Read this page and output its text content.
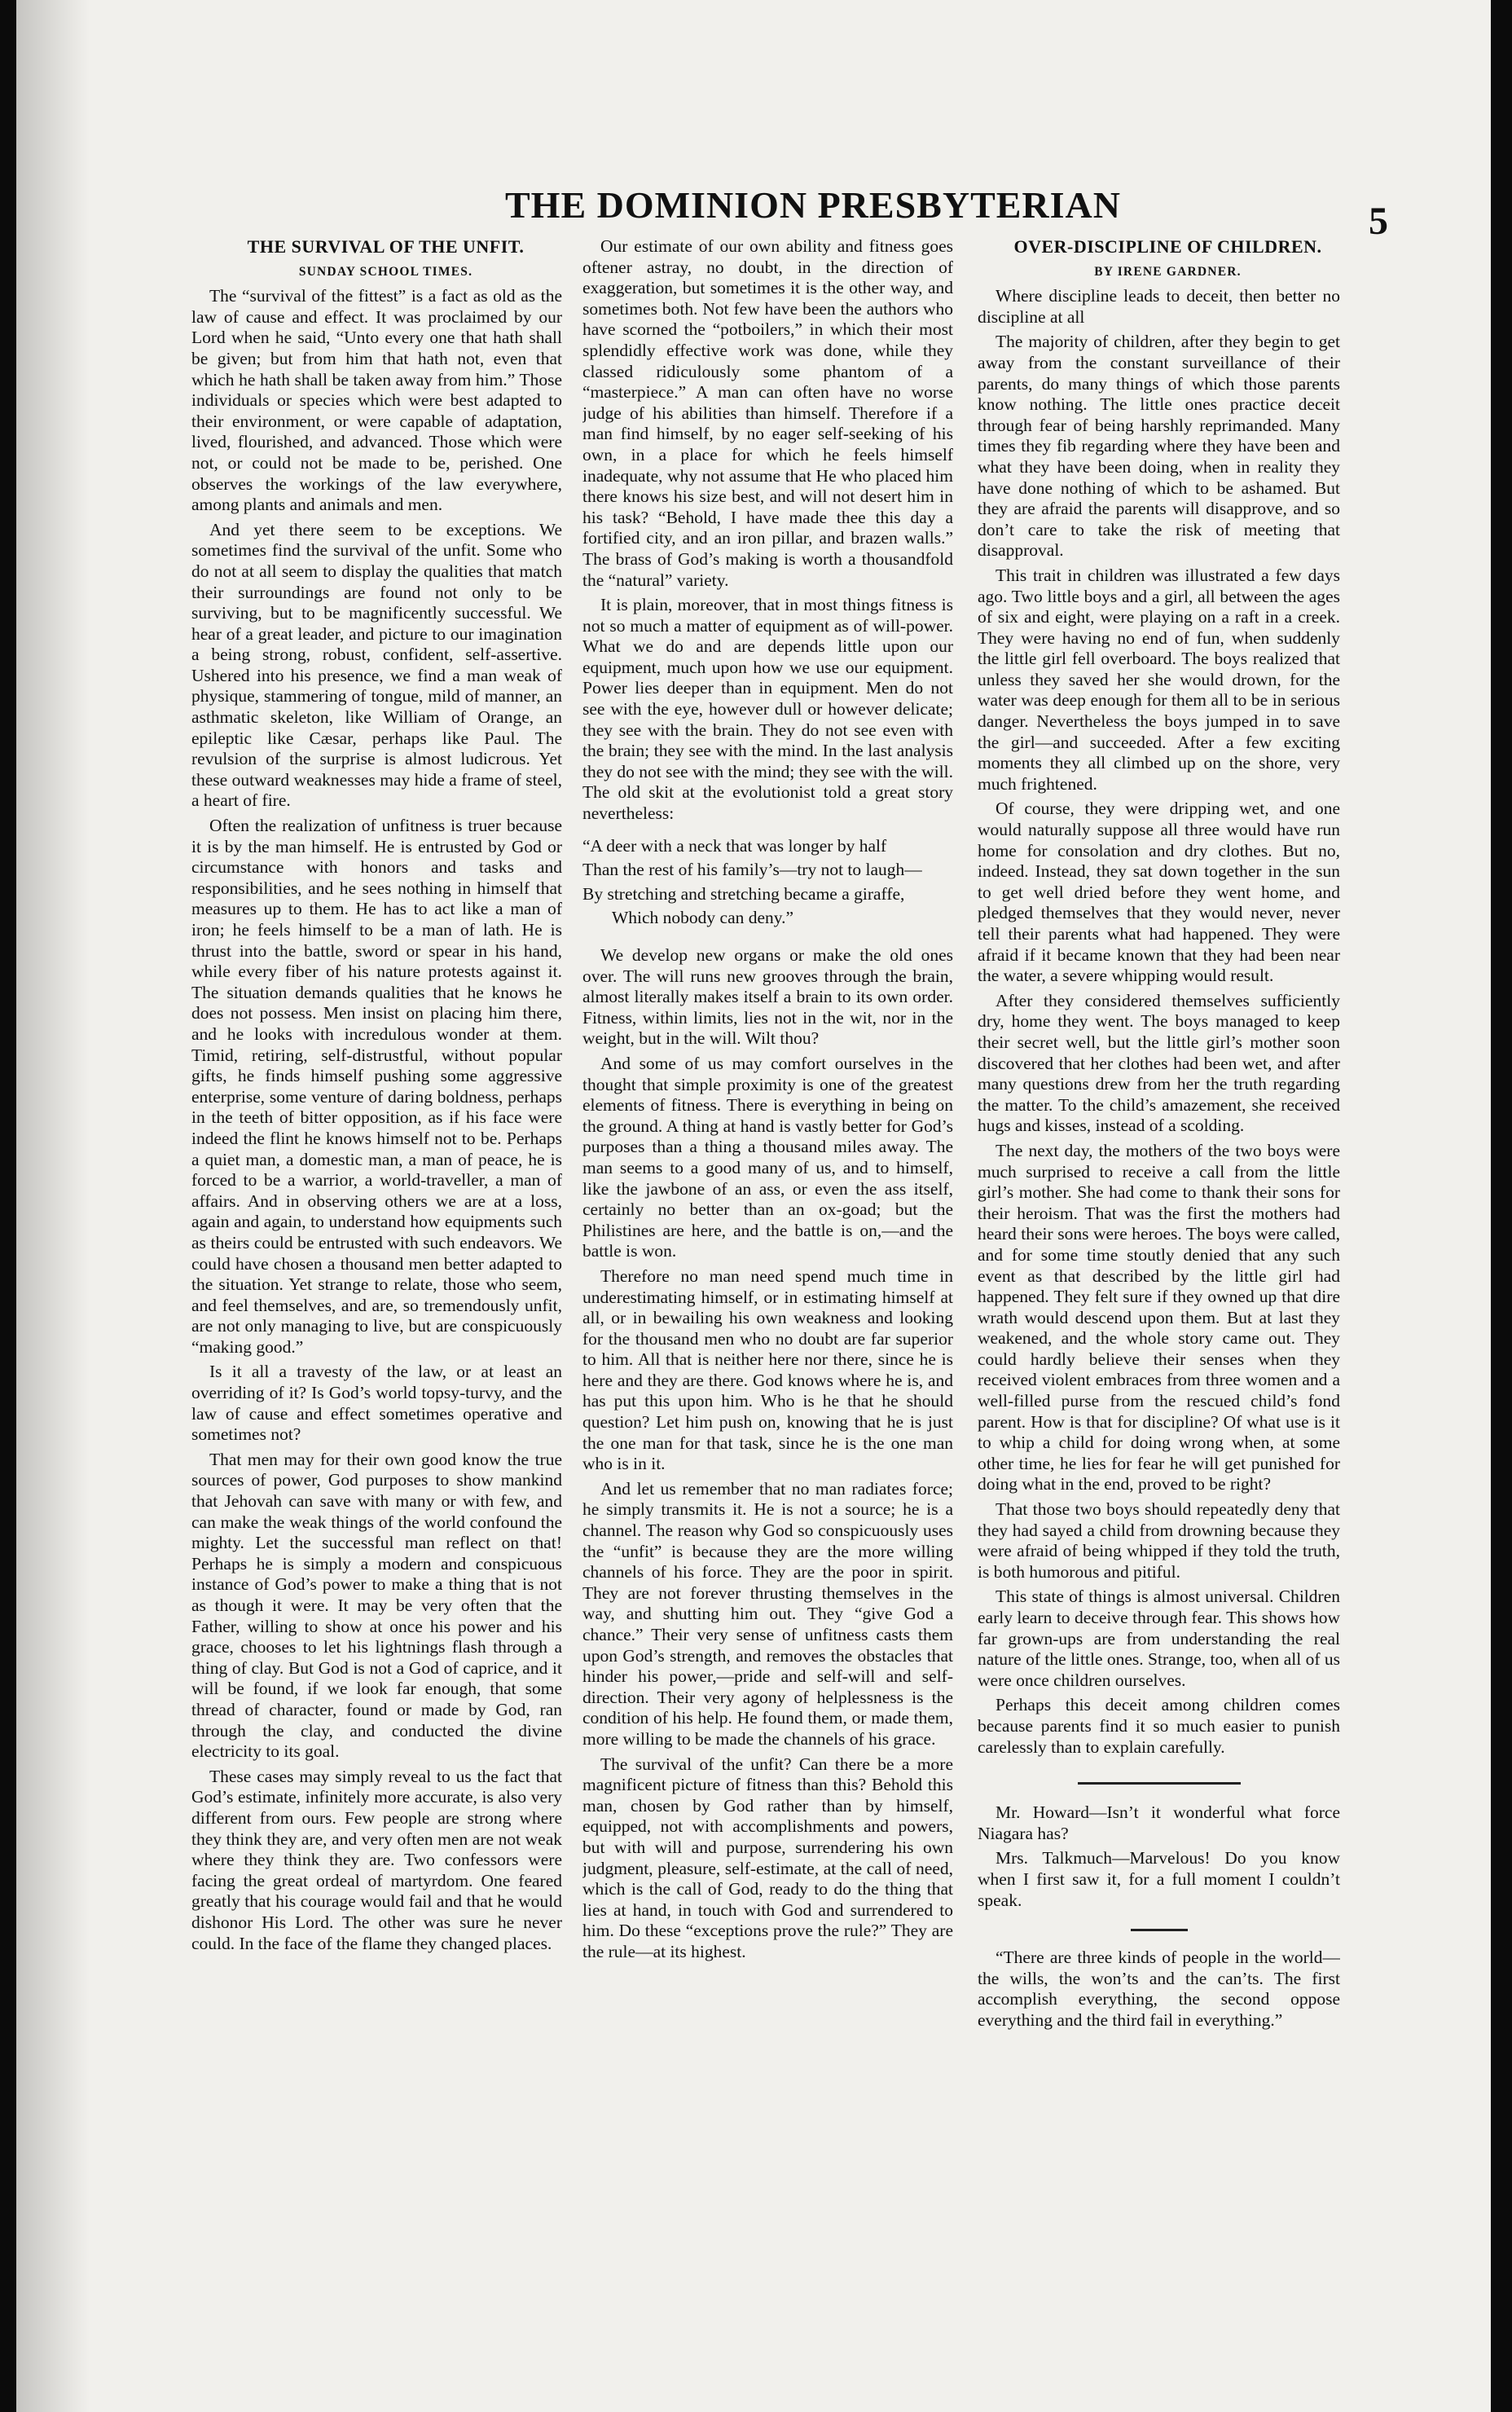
THE DOMINION PRESBYTERIAN	5

THE SURVIVAL OF THE UNFIT.

SUNDAY SCHOOL TIMES.

The “survival of the fittest” is a fact as old as the law of cause and effect. It was proclaimed by our Lord when he said, “Unto every one that hath shall be given; but from him that hath not, even that which he hath shall be taken away from him.” Those individuals or species which were best adapted to their environment, or were capable of adaptation, lived, flourished, and advanced. Those which were not, or could not be made to be, perished. One observes the workings of the law everywhere, among plants and animals and men.

And yet there seem to be exceptions. We sometimes find the survival of the unfit. Some who do not at all seem to display the qualities that match their surroundings are found not only to be surviving, but to be magnificently successful. We hear of a great leader, and picture to our imagination a being strong, robust, confident, self-assertive. Ushered into his presence, we find a man weak of physique, stammering of tongue, mild of manner, an asthmatic skeleton, like William of Orange, an epileptic like Cæsar, perhaps like Paul. The revulsion of the surprise is almost ludicrous. Yet these outward weaknesses may hide a frame of steel, a heart of fire.

Often the realization of unfitness is truer because it is by the man himself. He is entrusted by God or circumstance with honors and tasks and responsibilities, and he sees nothing in himself that measures up to them. He has to act like a man of iron; he feels himself to be a man of lath. He is thrust into the battle, sword or spear in his hand, while every fiber of his nature protests against it. The situation demands qualities that he knows he does not possess. Men insist on placing him there, and he looks with incredulous wonder at them. Timid, retiring, self-distrustful, without popular gifts, he finds himself pushing some aggressive enterprise, some venture of daring boldness, perhaps in the teeth of bitter opposition, as if his face were indeed the flint he knows himself not to be. Perhaps a quiet man, a domestic man, a man of peace, he is forced to be a warrior, a world-traveller, a man of affairs. And in observing others we are at a loss, again and again, to understand how equipments such as theirs could be entrusted with such endeavors. We could have chosen a thousand men better adapted to the situation. Yet strange to relate, those who seem, and feel themselves, and are, so tremendously unfit, are not only managing to live, but are conspicuously “making good.”

Is it all a travesty of the law, or at least an overriding of it? Is God’s world topsy-turvy, and the law of cause and effect sometimes operative and sometimes not?

That men may for their own good know the true sources of power, God purposes to show mankind that Jehovah can save with many or with few, and can make the weak things of the world confound the mighty. Let the successful man reflect on that! Perhaps he is simply a modern and conspicuous instance of God’s power to make a thing that is not as though it were. It may be very often that the Father, willing to show at once his power and his grace, chooses to let his lightnings flash through a thing of clay. But God is not a God of caprice, and it will be found, if we look far enough, that some thread of character, found or made by God, ran through the clay, and conducted the divine electricity to its goal.

These cases may simply reveal to us the fact that God’s estimate, infinitely more accurate, is also very different from ours. Few people are strong where they think they are, and very often men are not weak where they think they are. Two confessors were facing the great ordeal of martyrdom. One feared greatly that his courage would fail and that he would dishonor His Lord. The other was sure he never could. In the face of the flame they changed places.

Our estimate of our own ability and fitness goes oftener astray, no doubt, in the direction of exaggeration, but sometimes it is the other way, and sometimes both. Not few have been the authors who have scorned the “potboilers,” in which their most splendidly effective work was done, while they classed ridiculously some phantom of a “masterpiece.” A man can often have no worse judge of his abilities than himself. Therefore if a man find himself, by no eager self-seeking of his own, in a place for which he feels himself inadequate, why not assume that He who placed him there knows his size best, and will not desert him in his task? “Behold, I have made thee this day a fortified city, and an iron pillar, and brazen walls.” The brass of God’s making is worth a thousandfold the “natural” variety.

It is plain, moreover, that in most things fitness is not so much a matter of equipment as of will-power. What we do and are depends little upon our equipment, much upon how we use our equipment. Power lies deeper than in equipment. Men do not see with the eye, however dull or however delicate; they see with the brain. They do not see even with the brain; they see with the mind. In the last analysis they do not see with the mind; they see with the will. The old skit at the evolutionist told a great story nevertheless:

“A deer with a neck that was longer by half

Than the rest of his family’s—try not to laugh—

By stretching and stretching became a giraffe,

Which nobody can deny.”

We develop new organs or make the old ones over. The will runs new grooves through the brain, almost literally makes itself a brain to its own order. Fitness, within limits, lies not in the wit, nor in the weight, but in the will. Wilt thou?

And some of us may comfort ourselves in the thought that simple proximity is one of the greatest elements of fitness. There is everything in being on the ground. A thing at hand is vastly better for God’s purposes than a thing a thousand miles away. The man seems to a good many of us, and to himself, like the jawbone of an ass, or even the ass itself, certainly no better than an ox-goad; but the Philistines are here, and the battle is on,—and the battle is won.

Therefore no man need spend much time in underestimating himself, or in estimating himself at all, or in bewailing his own weakness and looking for the thousand men who no doubt are far superior to him. All that is neither here nor there, since he is here and they are there. God knows where he is, and has put this upon him. Who is he that he should question? Let him push on, knowing that he is just the one man for that task, since he is the one man who is in it.

And let us remember that no man radiates force; he simply transmits it. He is not a source; he is a channel. The reason why God so conspicuously uses the “unfit” is because they are the more willing channels of his force. They are the poor in spirit. They are not forever thrusting themselves in the way, and shutting him out. They “give God a chance.” Their very sense of unfitness casts them upon God’s strength, and removes the obstacles that hinder his power,—pride and self-will and self-direction. Their very agony of helplessness is the condition of his help. He found them, or made them, more willing to be made the channels of his grace.

The survival of the unfit? Can there be a more magnificent picture of fitness than this? Behold this man, chosen by God rather than by himself, equipped, not with accomplishments and powers, but with will and purpose, surrendering his own judgment, pleasure, self-estimate, at the call of need, which is the call of God, ready to do the thing that lies at hand, in touch with God and surrendered to him. Do these “exceptions prove the rule?” They are the rule—at its highest.

OVER-DISCIPLINE OF CHILDREN.

BY IRENE GARDNER.

Where discipline leads to deceit, then better no discipline at all

The majority of children, after they begin to get away from the constant surveillance of their parents, do many things of which those parents know nothing. The little ones practice deceit through fear of being harshly reprimanded. Many times they fib regarding where they have been and what they have been doing, when in reality they have done nothing of which to be ashamed. But they are afraid the parents will disapprove, and so don’t care to take the risk of meeting that disapproval.

This trait in children was illustrated a few days ago. Two little boys and a girl, all between the ages of six and eight, were playing on a raft in a creek. They were having no end of fun, when suddenly the little girl fell overboard. The boys realized that unless they saved her she would drown, for the water was deep enough for them all to be in serious danger. Nevertheless the boys jumped in to save the girl—and succeeded. After a few exciting moments they all climbed up on the shore, very much frightened.

Of course, they were dripping wet, and one would naturally suppose all three would have run home for consolation and dry clothes. But no, indeed. Instead, they sat down together in the sun to get well dried before they went home, and pledged themselves that they would never, never tell their parents what had happened. They were afraid if it became known that they had been near the water, a severe whipping would result.

After they considered themselves sufficiently dry, home they went. The boys managed to keep their secret well, but the little girl’s mother soon discovered that her clothes had been wet, and after many questions drew from her the truth regarding the matter. To the child’s amazement, she received hugs and kisses, instead of a scolding.

The next day, the mothers of the two boys were much surprised to receive a call from the little girl’s mother. She had come to thank their sons for their heroism. That was the first the mothers had heard their sons were heroes. The boys were called, and for some time stoutly denied that any such event as that described by the little girl had happened. They felt sure if they owned up that dire wrath would descend upon them. But at last they weakened, and the whole story came out. They could hardly believe their senses when they received violent embraces from three women and a well-filled purse from the rescued child’s fond parent. How is that for discipline? Of what use is it to whip a child for doing wrong when, at some other time, he lies for fear he will get punished for doing what in the end, proved to be right?

That those two boys should repeatedly deny that they had sayed a child from drowning because they were afraid of being whipped if they told the truth, is both humorous and pitiful.

This state of things is almost universal. Children early learn to deceive through fear. This shows how far grown-ups are from understanding the real nature of the little ones. Strange, too, when all of us were once children ourselves.

Perhaps this deceit among children comes because parents find it so much easier to punish carelessly than to explain carefully.

Mr. Howard—Isn’t it wonderful what force Niagara has?

Mrs. Talkmuch—Marvelous! Do you know when I first saw it, for a full moment I couldn’t speak.

“There are three kinds of people in the world—the wills, the won’ts and the can’ts. The first accomplish everything, the second oppose everything and the third fail in everything.”
